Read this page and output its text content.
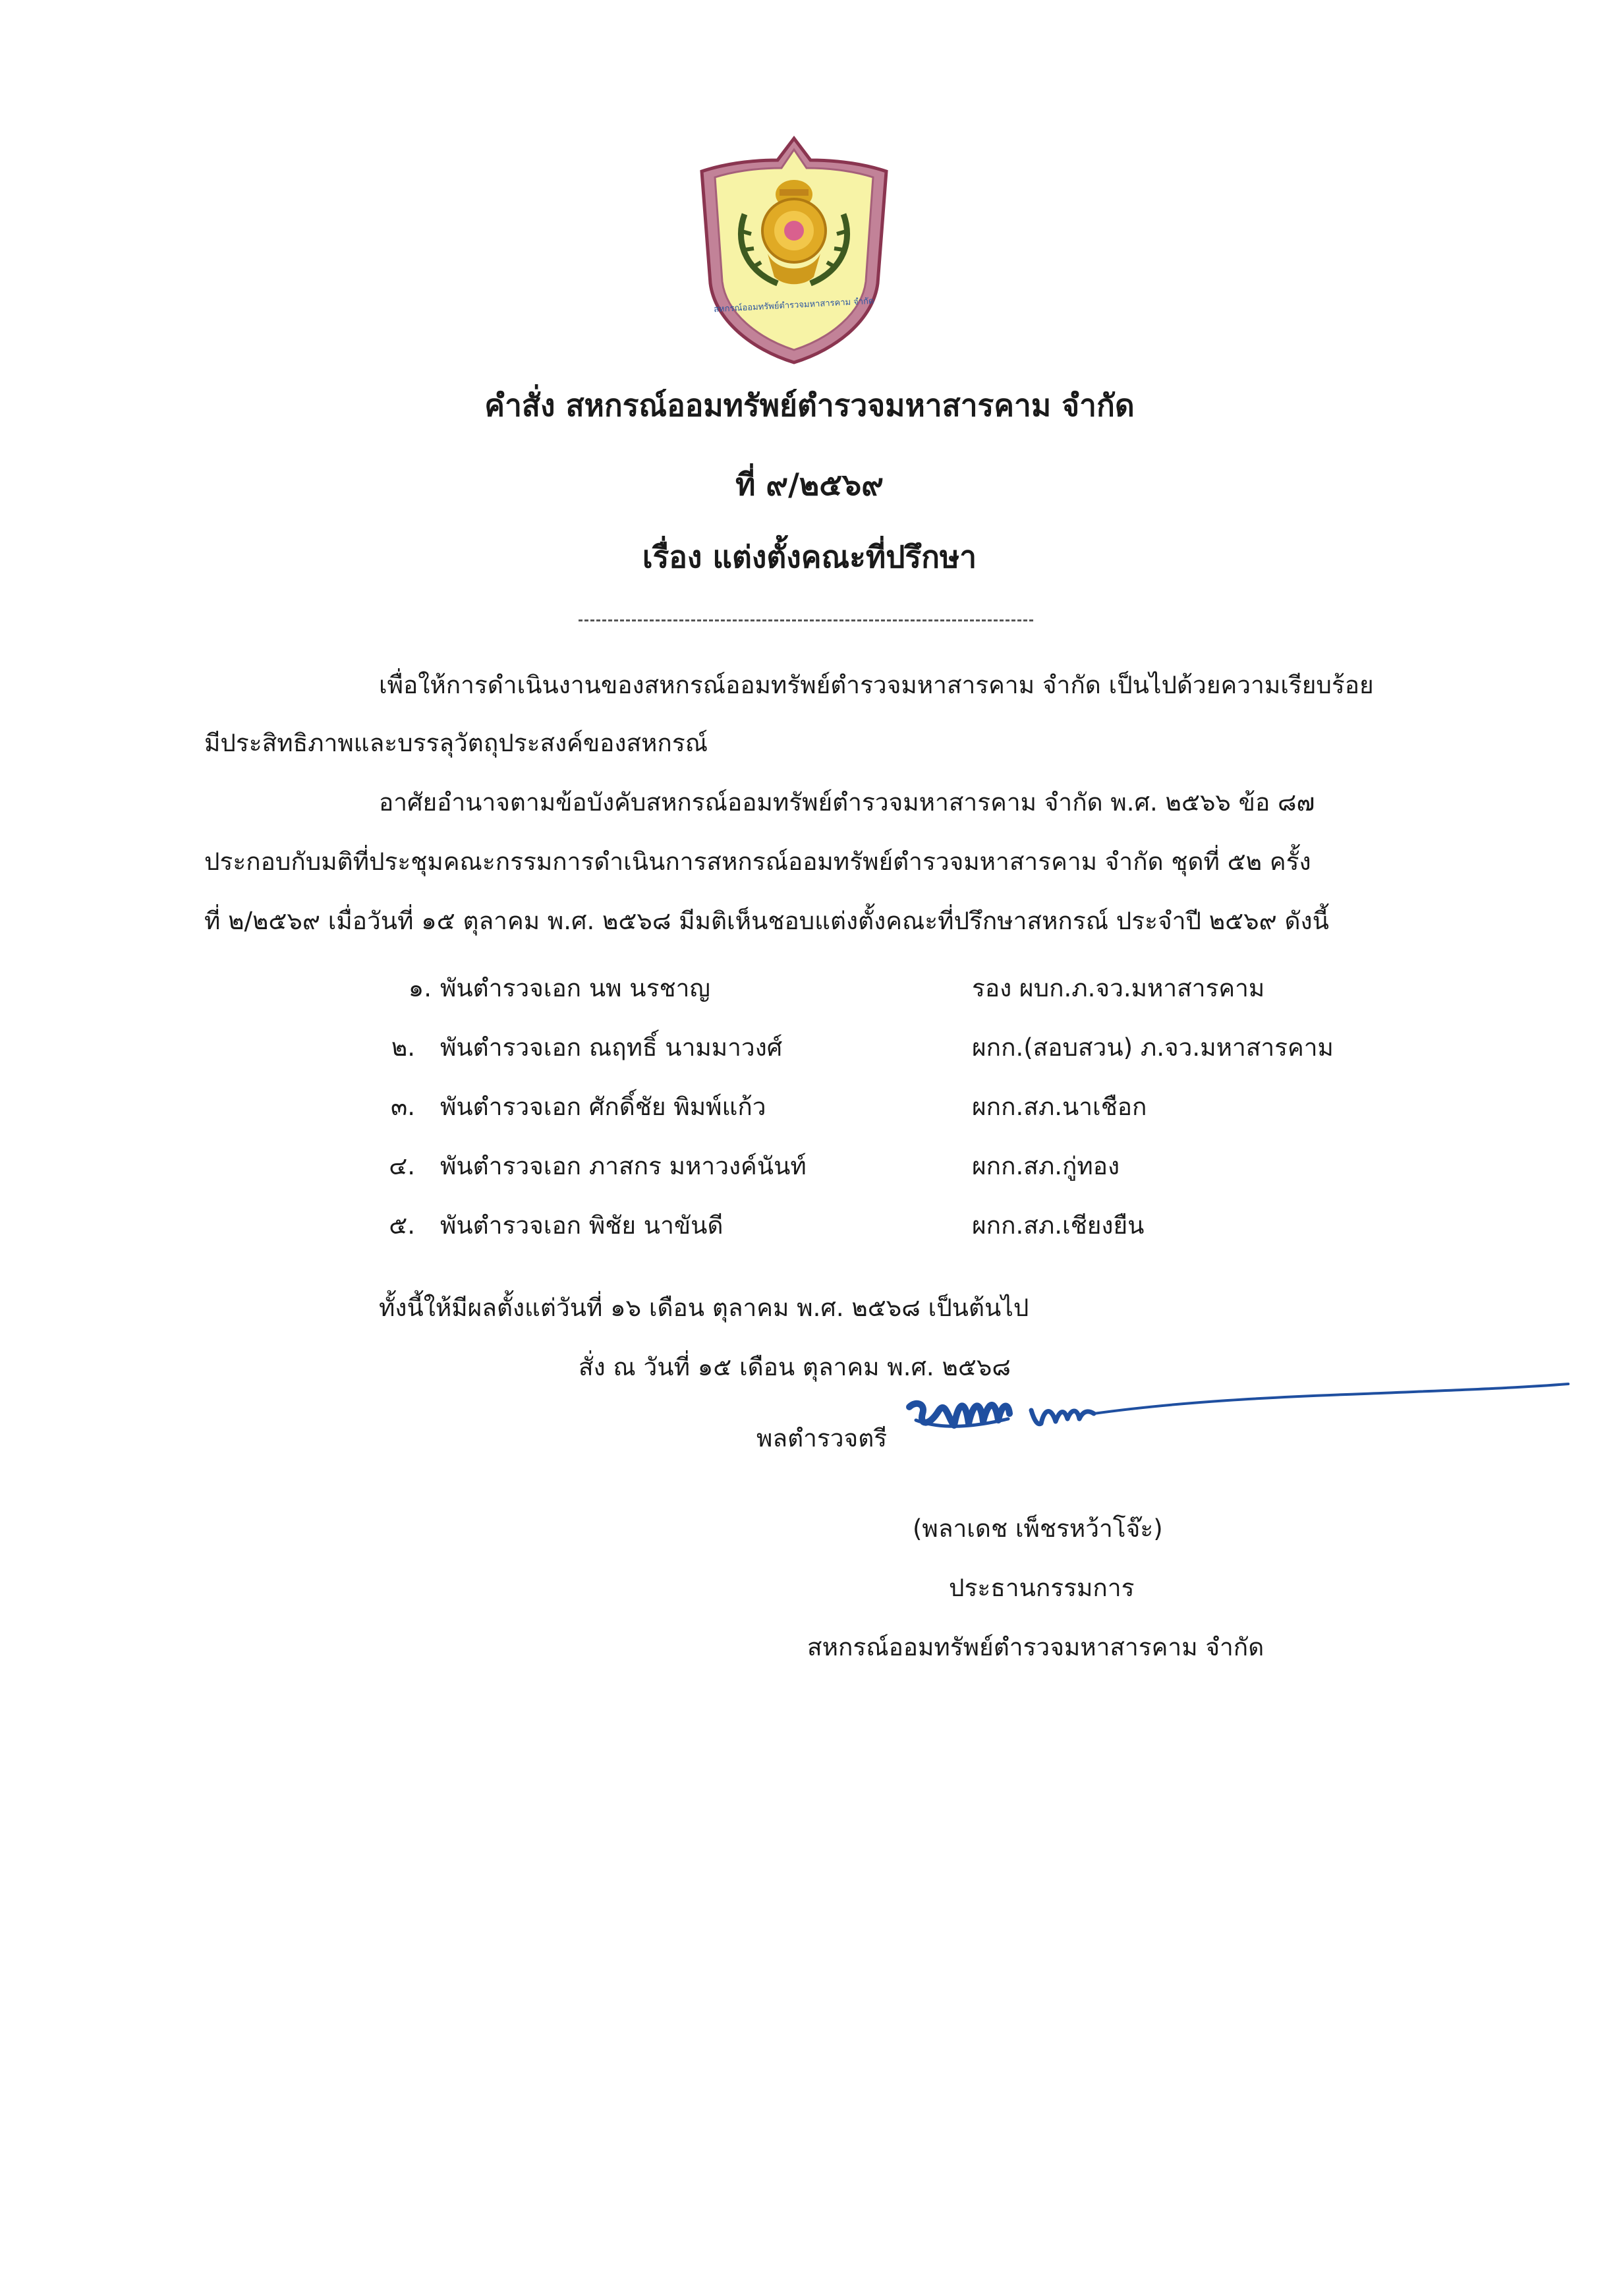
สหกรณ์ออมทรัพย์ตำรวจมหาสารคาม จำกัด
คำสั่ง สหกรณ์ออมทรัพย์ตำรวจมหาสารคาม จำกัด
ที่ ๙/๒๕๖๙
เรื่อง แต่งตั้งคณะที่ปรึกษา
เพื่อให้การดำเนินงานของสหกรณ์ออมทรัพย์ตำรวจมหาสารคาม จำกัด เป็นไปด้วยความเรียบร้อย
มีประสิทธิภาพและบรรลุวัตถุประสงค์ของสหกรณ์
อาศัยอำนาจตามข้อบังคับสหกรณ์ออมทรัพย์ตำรวจมหาสารคาม จำกัด พ.ศ. ๒๕๖๖ ข้อ ๘๗
ประกอบกับมติที่ประชุมคณะกรรมการดำเนินการสหกรณ์ออมทรัพย์ตำรวจมหาสารคาม จำกัด ชุดที่ ๕๒ ครั้ง
ที่ ๒/๒๕๖๙ เมื่อวันที่ ๑๕ ตุลาคม พ.ศ. ๒๕๖๘ มีมติเห็นชอบแต่งตั้งคณะที่ปรึกษาสหกรณ์ ประจำปี ๒๕๖๙ ดังนี้
๑. พันตำรวจเอก นพ นรชาญ	รอง ผบก.ภ.จว.มหาสารคาม
๒. พันตำรวจเอก ณฤทธิ์ นามมาวงศ์	ผกก.(สอบสวน) ภ.จว.มหาสารคาม
๓. พันตำรวจเอก ศักดิ์ชัย พิมพ์แก้ว	ผกก.สภ.นาเชือก
๔. พันตำรวจเอก ภาสกร มหาวงค์นันท์	ผกก.สภ.กู่ทอง
๕. พันตำรวจเอก พิชัย นาขันดี	ผกก.สภ.เชียงยืน
ทั้งนี้ให้มีผลตั้งแต่วันที่ ๑๖ เดือน ตุลาคม พ.ศ. ๒๕๖๘ เป็นต้นไป
สั่ง ณ วันที่ ๑๕ เดือน ตุลาคม พ.ศ. ๒๕๖๘
พลตำรวจตรี
(พลาเดช เพ็ชรหว้าโจ๊ะ)
ประธานกรรมการ
สหกรณ์ออมทรัพย์ตำรวจมหาสารคาม จำกัด
